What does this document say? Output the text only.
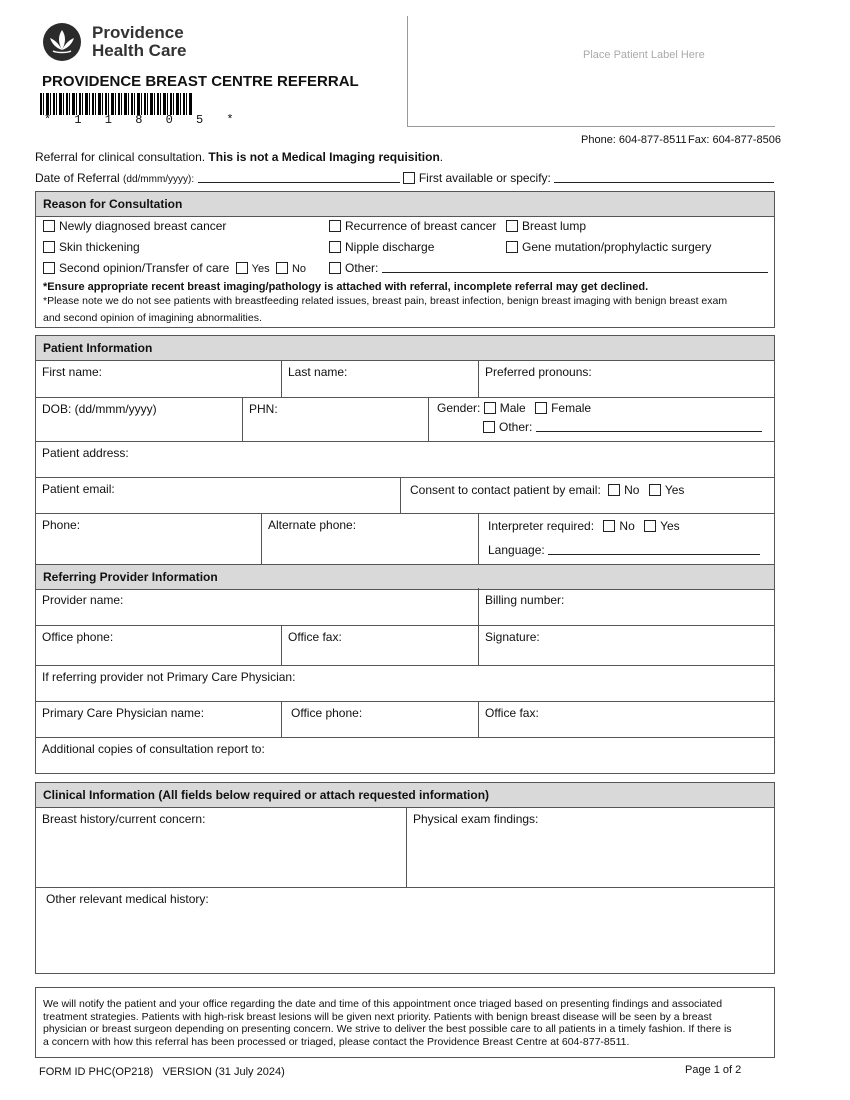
Providence
Health Care
PROVIDENCE BREAST CENTRE REFERRAL
* 1 1 8 0 5 *
Place Patient Label Here
Phone: 604-877-8511 Fax: 604-877-8506
Referral for clinical consultation. This is not a Medical Imaging requisition.
Date of Referral (dd/mmm/yyyy):	First available or specify:
Reason for Consultation
Newly diagnosed breast cancer	Recurrence of breast cancer	Breast lump
Skin thickening	Nipple discharge	Gene mutation/prophylactic surgery
Second opinion/Transfer of care Yes No	Other:
*Ensure appropriate recent breast imaging/pathology is attached with referral, incomplete referral may get declined.
*Please note we do not see patients with breastfeeding related issues, breast pain, breast infection, benign breast imaging with benign breast exam
and second opinion of imagining abnormalities.
Patient Information
First name:	Last name:	Preferred pronouns:
DOB: (dd/mmm/yyyy)	PHN:	Gender: Male Female
Other:
Patient address:
Patient email:	Consent to contact patient by email: No Yes
Phone:	Alternate phone:	Interpreter required: No Yes
Language:
Referring Provider Information
Provider name:	Billing number:
Office phone:	Office fax:	Signature:
If referring provider not Primary Care Physician:
Primary Care Physician name:	Office phone:	Office fax:
Additional copies of consultation report to:
Clinical Information (All fields below required or attach requested information)
Breast history/current concern:	Physical exam findings:
Other relevant medical history:
We will notify the patient and your office regarding the date and time of this appointment once triaged based on presenting findings and associated
treatment strategies. Patients with high-risk breast lesions will be given next priority. Patients with benign breast disease will be seen by a breast
physician or breast surgeon depending on presenting concern. We strive to deliver the best possible care to all patients in a timely fashion. If there is
a concern with how this referral has been processed or triaged, please contact the Providence Breast Centre at 604-877-8511.
FORM ID PHC(OP218)   VERSION (31 July 2024)	Page 1 of 2
